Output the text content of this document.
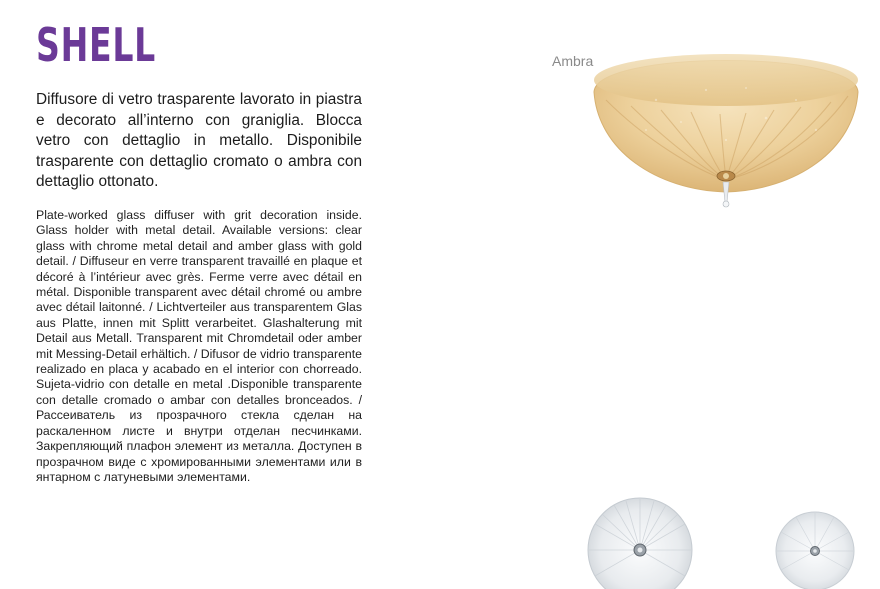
SHELL

Diffusore di vetro trasparente lavorato in piastra e decorato all’interno con graniglia. Blocca vetro con dettaglio in metallo. Disponibile trasparente con dettaglio cromato o ambra con dettaglio ottonato.

Plate-worked glass diffuser with grit decoration inside. Glass holder with metal detail. Available versions: clear glass with chrome metal detail and amber glass with gold detail. / Diffuseur en verre transparent travaillé en plaque et décoré à l’intérieur avec grès. Ferme verre avec détail en métal. Disponible transparent avec détail chromé ou ambre avec détail laitonné. / Lichtverteiler aus transparentem Glas aus Platte, innen mit Splitt verarbeitet. Glashalterung mit Detail aus Metall. Transparent mit Chromdetail oder amber mit Messing-Detail erhältich. / Difusor de vidrio transparente realizado en placa y acabado en el interior con chorreado. Sujeta-vidrio con detalle en metal .Disponible transparente con detalle cromado o ambar con detalles bronceados. / Рассеиватель из прозрачного стекла сделан на раскаленном листе и внутри отделан песчинками. Закрепляющий плафон элемент из металла. Доступен в прозрачном виде с хромированными элементами или в янтарном с латуневыми элементами.

Ambra
